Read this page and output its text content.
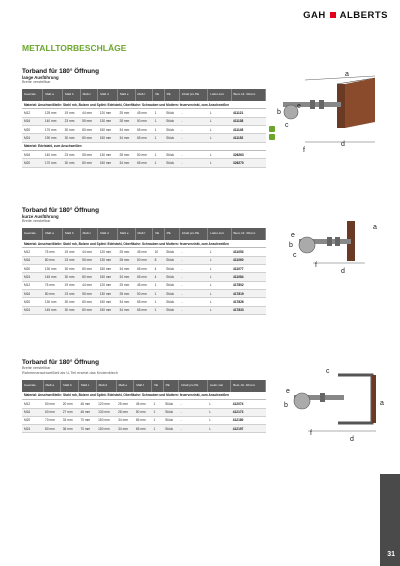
GAH ALBERTS
METALLTORBESCHLÄGE
Torband für 180° Öffnung
lange Ausführung
Breite verstellbar
Gewinde	Maß a	Maß b	Maß c	Maß d	Maß e	Maß f	VE	PE	Inhalt pro PE	Liefer-zeit	Best.-Nr. 40xxxx
Material: Anschweißteile: Stahl roh, Bolzen und Splint: Edelstahl, Oberfläche: Schrauben und Muttern: feuerverzinkt, zum Anschweißen											
M12	125 mm	19 mm	44 mm	120 mm	25 mm	45 mm	1	Stück	-	L	411121
M16	140 mm	23 mm	55 mm	130 mm	28 mm	50 mm	1	Stück	-	L	411138
M20	170 mm	30 mm	80 mm	150 mm	34 mm	65 mm	1	Stück	-	L	411145
M24	190 mm	30 mm	80 mm	150 mm	34 mm	65 mm	1	Stück	-	L	411152
Material: Edelstahl, zum Anschweißen											
M16	140 mm	23 mm	55 mm	130 mm	28 mm	50 mm	1	Stück	-	L	326263
M20	170 mm	30 mm	80 mm	150 mm	34 mm	65 mm	1	Stück	-	L	326270
Torband für 180° Öffnung
kurze Ausführung
Breite verstellbar
Gewinde	Maß a	Maß b	Maß c	Maß d	Maß e	Maß f	VE	PE	Inhalt pro PE	Liefer-zeit	Best.-Nr. 40xxxx
Material: Anschweißteile: Stahl roh, Bolzen und Splint: Edelstahl, Oberfläche: Schrauben und Muttern: feuerverzinkt, zum Anschweißen											
M12	75 mm	19 mm	44 mm	120 mm	25 mm	45 mm	10	Stück	-	L	411053
M16	80 mm	23 mm	55 mm	130 mm	28 mm	50 mm	8	Stück	-	L	411060
M20	130 mm	30 mm	80 mm	150 mm	34 mm	65 mm	4	Stück	-	L	411077
M24	145 mm	30 mm	80 mm	150 mm	34 mm	65 mm	4	Stück	-	L	411084
M12	75 mm	19 mm	44 mm	120 mm	25 mm	45 mm	1	Stück	-	L	417802
M16	80 mm	23 mm	55 mm	130 mm	28 mm	50 mm	1	Stück	-	L	417819
M20	130 mm	30 mm	80 mm	150 mm	34 mm	65 mm	1	Stück	-	L	417826
M24	145 mm	30 mm	80 mm	150 mm	34 mm	65 mm	1	Stück	-	L	417833
Torband für 180° Öffnung
Breite verstellbar
Rahmenanschweißteil als U-Teil ersetzt das Knotenblech
Gewinde	Maß a	Maß b	Maß c	Maß d	Maß e	Maß f	VE	PE	Inhalt pro PE	Liefer-zeit	Best.-Nr. 40xxxx
Material: Anschweißteile: Stahl roh, Bolzen und Splint: Edelstahl, Oberfläche: Schrauben und Muttern: feuerverzinkt, zum Anschweißen											
M12	50 mm	20 mm	46 mm	120 mm	25 mm	45 mm	1	Stück	-	L	412074
M16	60 mm	27 mm	46 mm	130 mm	28 mm	50 mm	1	Stück	-	L	412173
M20	70 mm	33 mm	70 mm	150 mm	34 mm	65 mm	1	Stück	-	L	412180
M24	80 mm	36 mm	70 mm	150 mm	34 mm	65 mm	1	Stück	-	L	412197
a
b
c
e
f
d
e
b
c
a
f
d
c
e
b	a
f
d
31
